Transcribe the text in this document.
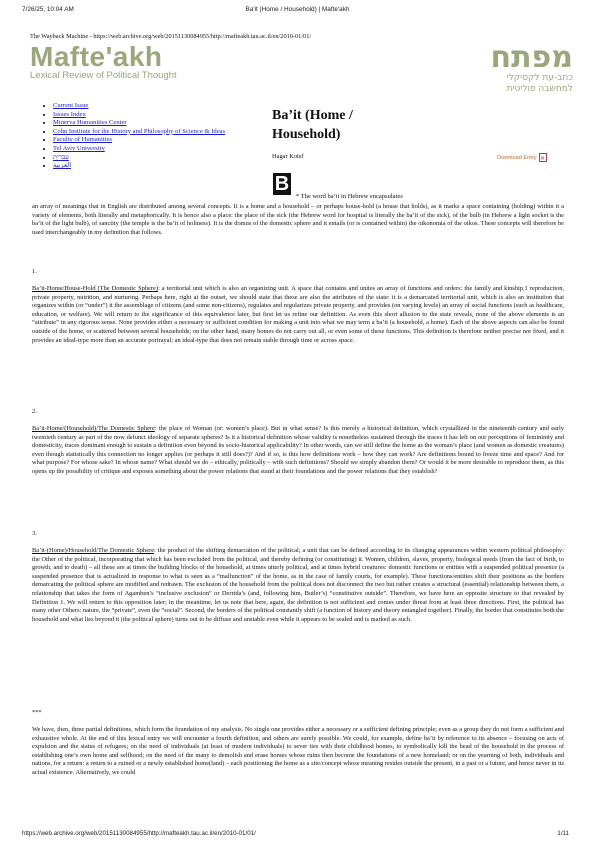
7/26/25, 10:04 AM	Ba'it (Home / Household) | Mafte'akh
The Wayback Machine - https://web.archive.org/web/20151130084955/http://mafteakh.tau.ac.il/en/2010-01/01/
Mafte'akh
Lexical Review of Political Thought
מפתח
כתב-עת לקסיקלי
למחשבה פוליטית
• Current Issue
• Issues Index
• Minerva Humanities Center
• Cohn Institute for the History and Philosophy of Science & Ideas
• Faculty of Humanities
• Tel Aviv University
• עברית
• العربية
Ba’it (Home /
Household)
Hagar Kotef	Download Entry	▤
B
* The word ba’it in Hebrew encapsulates

an array of meanings that in English are distributed among several concepts. It is a home and a household – or perhaps house-hold (a house that holds), as it marks a space containing (holding) within it a variety of elements, both literally and metaphorically. It is hence also a place: the place of the sick (the Hebrew word for hospital is literally the ba’it of the sick), of the bulb (in Hebrew a light socket is the ba’it of the light bulb), of sanctity (the temple is the ba’it of holiness). It is the domus of the domestic sphere and it entails (or is contained within) the oikonomia of the oikos. These concepts will therefore be used interchangeably in my definition that follows.

1.

Ba’it-Home/House-Hold (The Domestic Sphere): a territorial unit which is also an organizing unit. A space that contains and unites an array of functions and orders: the family and kinship,1 reproduction, private property, nutrition, and nurturing. Perhaps here, right at the outset, we should state that these are also the attributes of the state: it is a demarcated territorial unit, which is also an institution that organizes within (or “under”) it the assemblage of citizens (and some non-citizens), regulates and regularizes private property, and provides (on varying levels) an array of social functions (such as healthcare, education, or welfare). We will return to the significance of this equivalence later, but first let us refine our definition. As even this short allusion to the state reveals, none of the above elements is an “attribute” in any rigorous sense. None provides either a necessary or sufficient condition for making a unit into what we may term a ba’it (a household, a home). Each of the above aspects can also be found outside of the home, or scattered between several households; on the other hand, many homes do not carry out all, or even some of these functions. This definition is therefore neither precise nor fixed, and it provides an ideal-type more than an accurate portrayal; an ideal-type that does not remain stable through time or across space.

2.

Ba’it-Home/(Household)/The Domestic Sphere: the place of Woman (or: women’s place). But in what sense? Is this merely a historical definition, which crystallized in the nineteenth century and early twentieth century as part of the now defunct ideology of separate spheres? Is it a historical definition whose validity is nonetheless sustained through the traces it has left on our perceptions of femininity and domesticity, traces dominant enough to sustain a definition even beyond its socio-historical applicability? In other words, can we still define the home as the woman’s place (and women as domestic creatures) even though statistically this connection no longer applies (or perhaps it still does?)? And if so, is this how definitions work – how they can work? Are definitions bound to freeze time and space? And for what purpose? For whose sake? In whose name? What should we do – ethically, politically – with such definitions? Should we simply abandon them? Or would it be more desirable to reproduce them, as this opens up the possibility of critique and exposes something about the power relations that stand at their foundations and the power relations that they establish?

3.

Ba’it-(Home)/Household/The Domestic Sphere: the product of the shifting demarcation of the political; a unit that can be defined according to its changing appearances within western political philosophy: the Other of the political, incorporating that which has been excluded from the political, and thereby defining (or constituting) it. Women, children, slaves, property, biological needs (from the fact of birth, to growth, and to death) – all these are at times the building blocks of the household, at times utterly political, and at times hybrid creatures: domestic functions or entities with a suspended political presence (a suspended presence that is actualized in response to what is seen as a “malfunction” of the home, as in the case of family courts, for example). These functions/entities shift their positions as the borders demarcating the political sphere are modified and redrawn. The exclusion of the household from the political does not disconnect the two but rather creates a structural (essential) relationship between them, a relationship that takes the form of Agamben’s “inclusive exclusion” or Derrida’s (and, following him, Butler’s) “constitutive outside”. Therefore, we have here an opposite structure to that revealed by Definition 1. We will return to this opposition later; in the meantime, let us note that here, again, the definition is not sufficient and comes under threat from at least three directions. First, the political has many other Others: nature, the “private”, even the “social”. Second, the borders of the political constantly shift (a function of history and theory entangled together). Finally, the border that constitutes both the household and what lies beyond it (the political sphere) turns out to be diffuse and unstable even while it appears to be sealed and is marked as such.

***

We have, then, three partial definitions, which form the foundation of my analysis. No single one provides either a necessary or a sufficient defining principle; even as a group they do not form a sufficient and exhaustive whole. At the end of this lexical entry we will encounter a fourth definition, and others are surely possible. We could, for example, define ba’it by reference to its absence – focusing on acts of expulsion and the status of refugees; on the need of individuals (at least of modern individuals) to sever ties with their childhood homes, to symbolically kill the head of the household in the process of establishing one’s own home and selfhood; on the need of the many to demolish and erase homes whose ruins then become the foundations of a new homeland; or on the yearning of both, individuals and nations, for a return: a return to a ruined or a newly established home(land) – each positioning the home as a site/concept whose meaning resides outside the present, in a past or a future, and hence never in its actual existence. Alternatively, we could

https://web.archive.org/web/20151130084955/http://mafteakh.tau.ac.il/en/2010-01/01/	1/11
